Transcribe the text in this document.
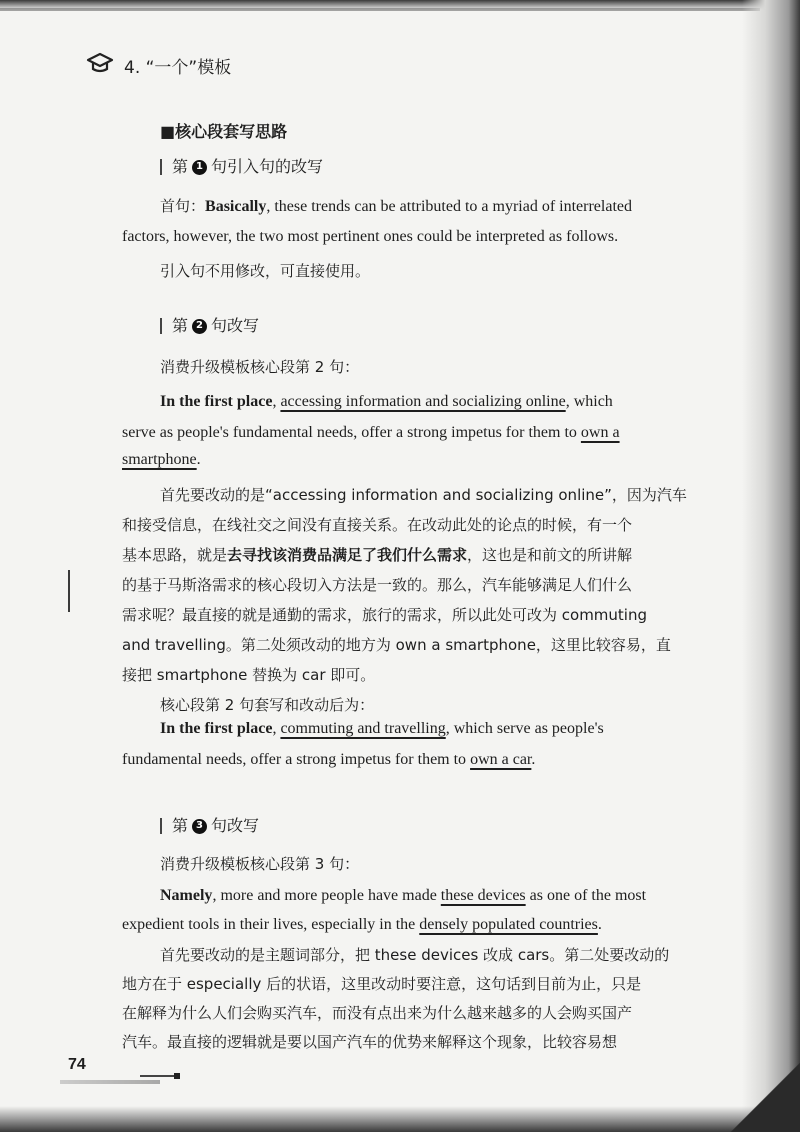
4. “一个”模板
■核心段套写思路
第 1 句引入句的改写
首句：Basically, these trends can be attributed to a myriad of interrelated
factors, however, the two most pertinent ones could be interpreted as follows.
引入句不用修改，可直接使用。
第 2 句改写
消费升级模板核心段第 2 句：
In the first place, accessing information and socializing online, which
serve as people's fundamental needs, offer a strong impetus for them to own a
smartphone.
首先要改动的是“accessing information and socializing online”，因为汽车
和接受信息，在线社交之间没有直接关系。在改动此处的论点的时候，有一个
基本思路，就是去寻找该消费品满足了我们什么需求，这也是和前文的所讲解
的基于马斯洛需求的核心段切入方法是一致的。那么，汽车能够满足人们什么
需求呢？最直接的就是通勤的需求，旅行的需求，所以此处可改为 commuting
and travelling。第二处须改动的地方为 own a smartphone，这里比较容易，直
接把 smartphone 替换为 car 即可。
核心段第 2 句套写和改动后为：
In the first place, commuting and travelling, which serve as people's
fundamental needs, offer a strong impetus for them to own a car.
第 3 句改写
消费升级模板核心段第 3 句：
Namely, more and more people have made these devices as one of the most
expedient tools in their lives, especially in the densely populated countries.
首先要改动的是主题词部分，把 these devices 改成 cars。第二处要改动的
地方在于 especially 后的状语，这里改动时要注意，这句话到目前为止，只是
在解释为什么人们会购买汽车，而没有点出来为什么越来越多的人会购买国产
汽车。最直接的逻辑就是要以国产汽车的优势来解释这个现象，比较容易想
74
